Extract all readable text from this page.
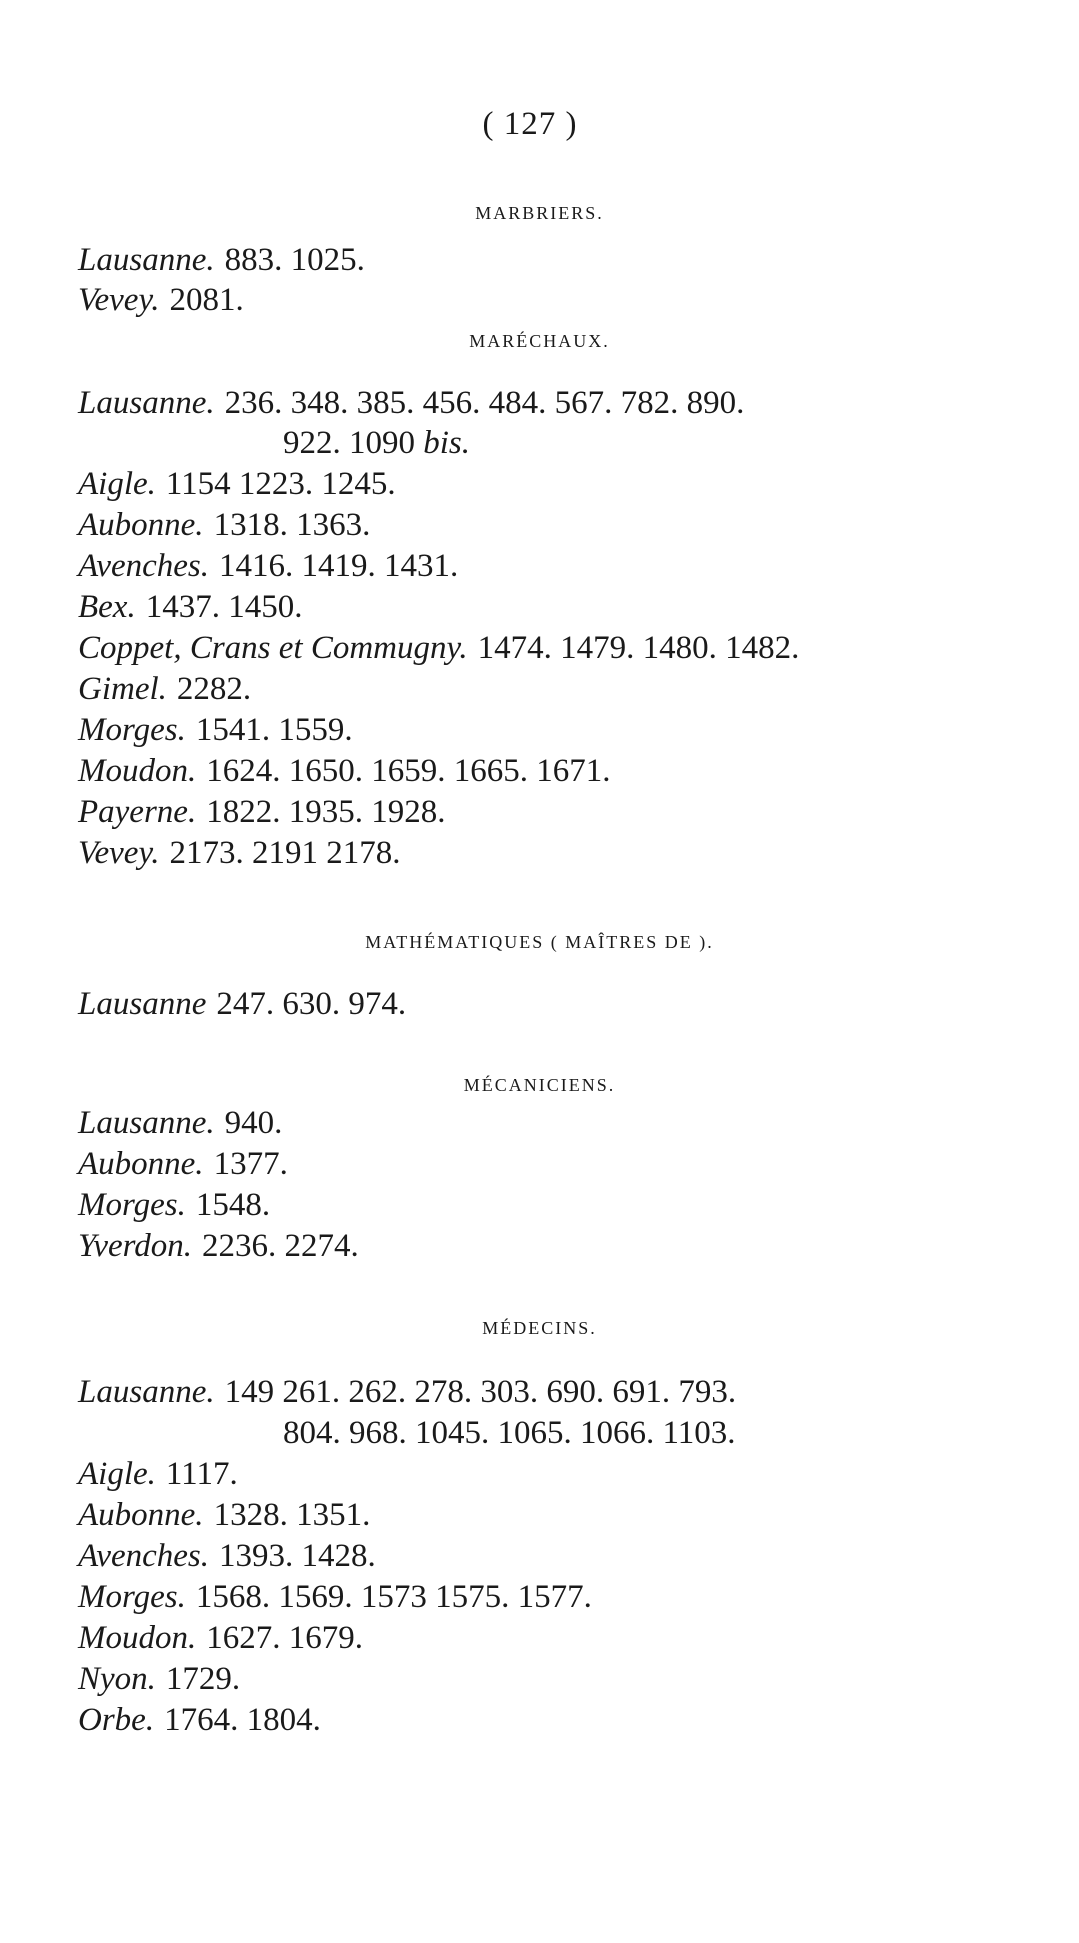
( 127 )
MARBRIERS.
Lausanne. 883. 1025.
Vevey. 2081.
MARÉCHAUX.
Lausanne. 236. 348. 385. 456. 484. 567. 782. 890.
922. 1090 bis.
Aigle. 1154 1223. 1245.
Aubonne. 1318. 1363.
Avenches. 1416. 1419. 1431.
Bex. 1437. 1450.
Coppet, Crans et Commugny. 1474. 1479. 1480. 1482.
Gimel. 2282.
Morges. 1541. 1559.
Moudon. 1624. 1650. 1659. 1665. 1671.
Payerne. 1822. 1935. 1928.
Vevey. 2173. 2191 2178.
MATHÉMATIQUES ( MAÎTRES DE ).
Lausanne 247. 630. 974.
MÉCANICIENS.
Lausanne. 940.
Aubonne. 1377.
Morges. 1548.
Yverdon. 2236. 2274.
MÉDECINS.
Lausanne. 149 261. 262. 278. 303. 690. 691. 793.
804. 968. 1045. 1065. 1066. 1103.
Aigle. 1117.
Aubonne. 1328. 1351.
Avenches. 1393. 1428.
Morges. 1568. 1569. 1573 1575. 1577.
Moudon. 1627. 1679.
Nyon. 1729.
Orbe. 1764. 1804.
